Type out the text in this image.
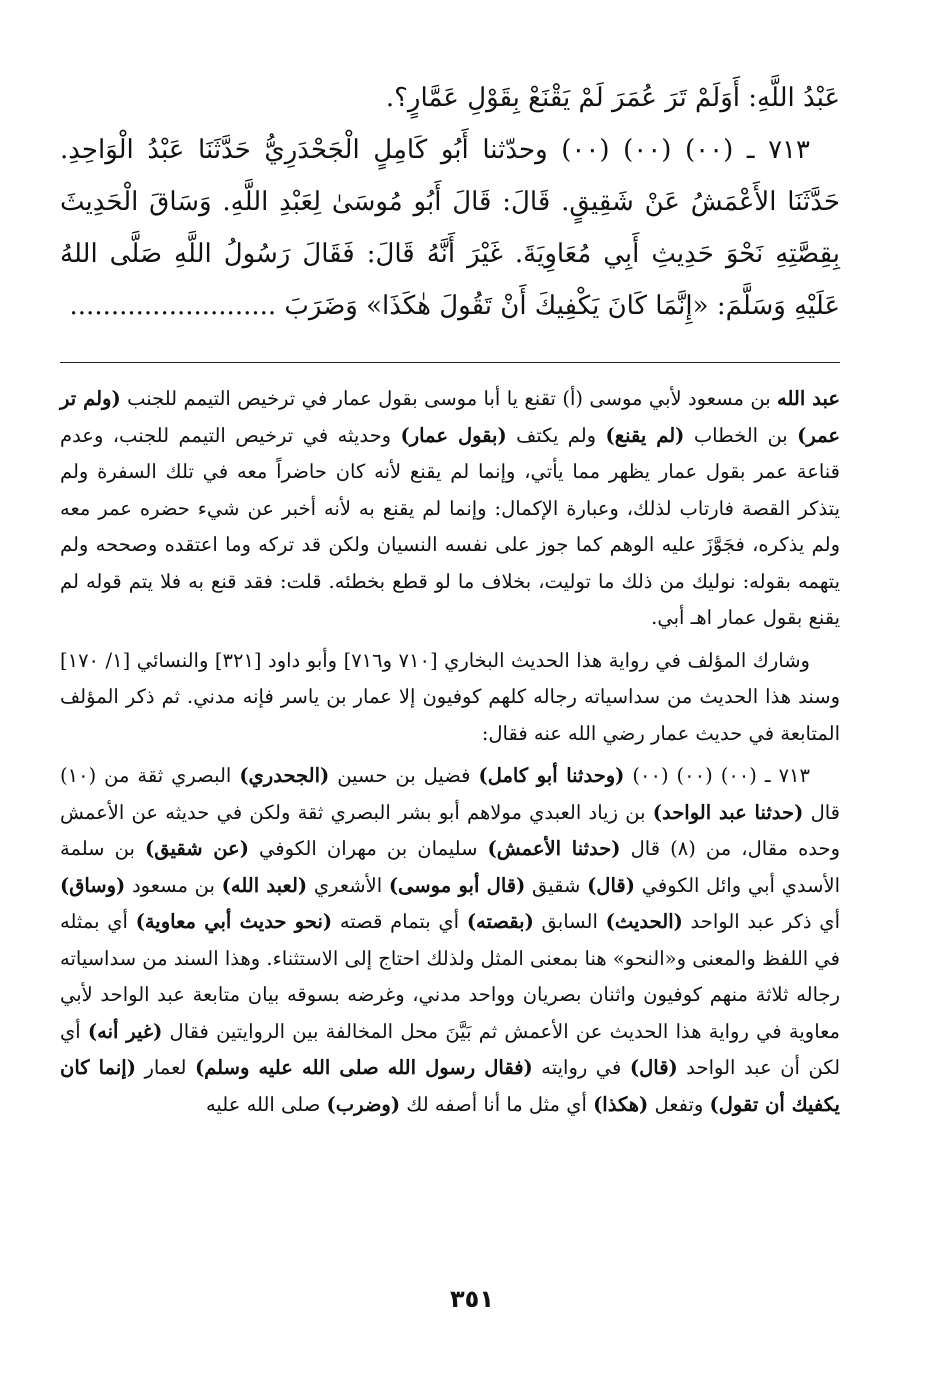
عَبْدُ اللَّهِ: أَوَلَمْ تَرَ عُمَرَ لَمْ يَقْنَعْ بِقَوْلِ عَمَّارٍ؟.

٧١٣ ـ (٠٠) (٠٠) (٠٠) وحدّثنا أَبُو كَامِلٍ الْجَحْدَرِيُّ حَدَّثَنَا عَبْدُ الْوَاحِدِ. حَدَّثَنَا الأَعْمَشُ عَنْ شَقِيقٍ. قَالَ: قَالَ أَبُو مُوسَىٰ لِعَبْدِ اللَّهِ. وَسَاقَ الْحَدِيثَ بِقِصَّتِهِ نَحْوَ حَدِيثِ أَبِي مُعَاوِيَةَ. غَيْرَ أَنَّهُ قَالَ: فَقَالَ رَسُولُ اللَّهِ صَلَّى اللهُ عَلَيْهِ وَسَلَّمَ: «إِنَّمَا كَانَ يَكْفِيكَ أَنْ تَقُولَ هٰكَذَا» وَضَرَبَ .........................

عبد الله بن مسعود لأبي موسى (أ) تقنع يا أبا موسى بقول عمار في ترخيص التيمم للجنب (ولم تر عمر) بن الخطاب (لم يقنع) ولم يكتف (بقول عمار) وحديثه في ترخيص التيمم للجنب، وعدم قناعة عمر بقول عمار يظهر مما يأتي، وإنما لم يقنع لأنه كان حاضراً معه في تلك السفرة ولم يتذكر القصة فارتاب لذلك، وعبارة الإكمال: وإنما لم يقنع به لأنه أخبر عن شيء حضره عمر معه ولم يذكره، فجَوَّزَ عليه الوهم كما جوز على نفسه النسيان ولكن قد تركه وما اعتقده وصححه ولم يتهمه بقوله: نوليك من ذلك ما توليت، بخلاف ما لو قطع بخطئه. قلت: فقد قنع به فلا يتم قوله لم يقنع بقول عمار اهـ أبي.

وشارك المؤلف في رواية هذا الحديث البخاري [٧١٠ و٧١٦] وأبو داود [٣٢١] والنسائي [١/ ١٧٠] وسند هذا الحديث من سداسياته رجاله كلهم كوفيون إلا عمار بن ياسر فإنه مدني. ثم ذكر المؤلف المتابعة في حديث عمار رضي الله عنه فقال:

٧١٣ ـ (٠٠) (٠٠) (٠٠) (وحدثنا أبو كامل) فضيل بن حسين (الجحدري) البصري ثقة من (١٠) قال (حدثنا عبد الواحد) بن زياد العبدي مولاهم أبو بشر البصري ثقة ولكن في حديثه عن الأعمش وحده مقال، من (٨) قال (حدثنا الأعمش) سليمان بن مهران الكوفي (عن شقيق) بن سلمة الأسدي أبي وائل الكوفي (قال) شقيق (قال أبو موسى) الأشعري (لعبد الله) بن مسعود (وساق) أي ذكر عبد الواحد (الحديث) السابق (بقصته) أي بتمام قصته (نحو حديث أبي معاوية) أي بمثله في اللفظ والمعنى و«النحو» هنا بمعنى المثل ولذلك احتاج إلى الاستثناء. وهذا السند من سداسياته رجاله ثلاثة منهم كوفيون واثنان بصريان وواحد مدني، وغرضه بسوقه بيان متابعة عبد الواحد لأبي معاوية في رواية هذا الحديث عن الأعمش ثم بَيَّنَ محل المخالفة بين الروايتين فقال (غير أنه) أي لكن أن عبد الواحد (قال) في روايته (فقال رسول الله صلى الله عليه وسلم) لعمار (إنما كان يكفيك أن تقول) وتفعل (هكذا) أي مثل ما أنا أصفه لك (وضرب) صلى الله عليه

٣٥١
